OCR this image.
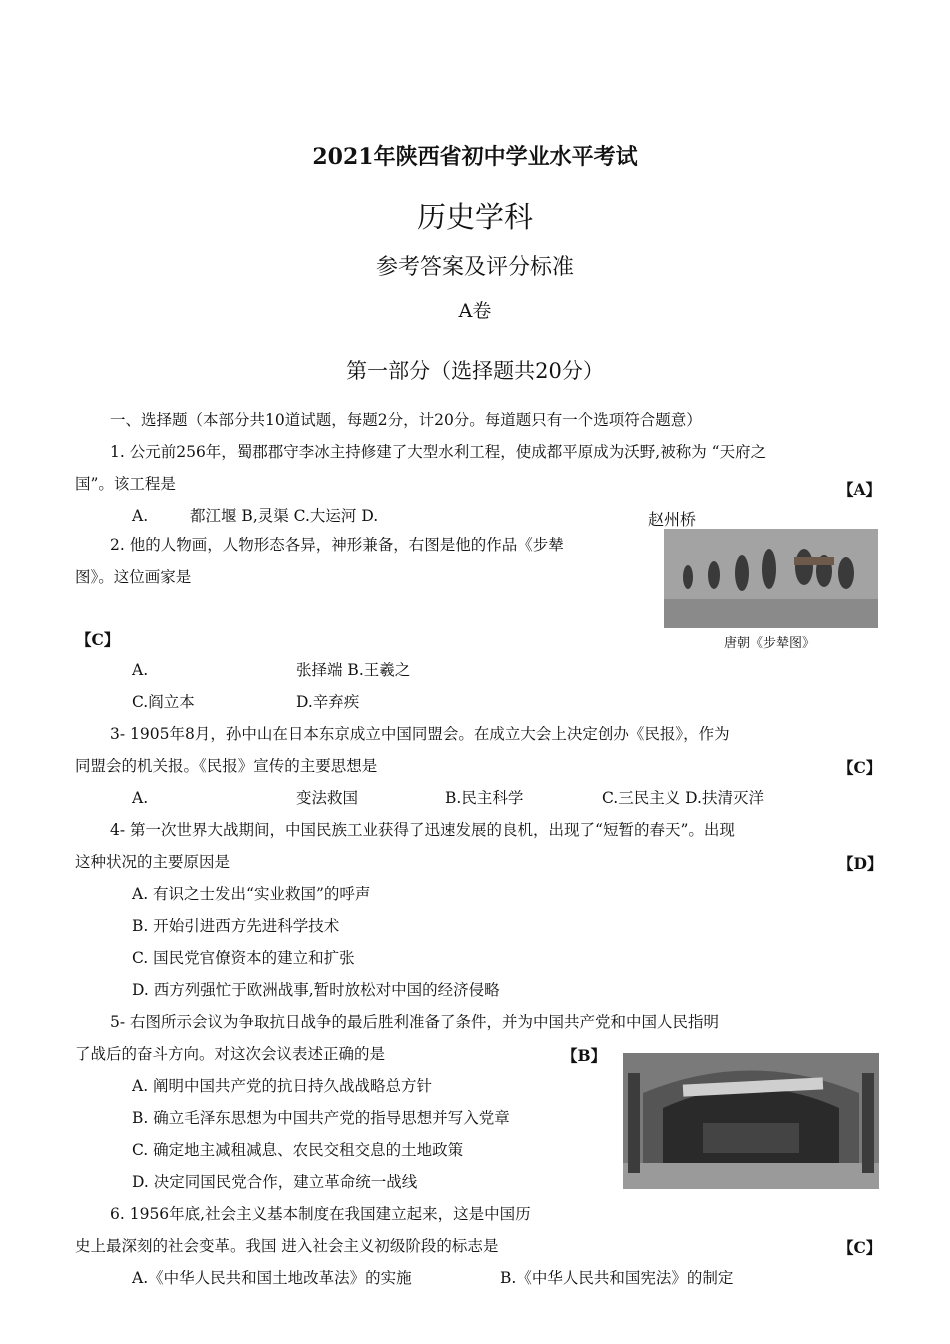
2021年陕西省初中学业水平考试
历史学科
参考答案及评分标准
A卷
第一部分（选择题共20分）
一、选择题（本部分共10道试题，每题2分，计20分。每道题只有一个选项符合题意）
1. 公元前256年，蜀郡郡守李冰主持修建了大型水利工程，使成都平原成为沃野,被称为 “天府之
国”。该工程是	【A】
A.	都江堰 B,灵渠 C.大运河 D.	赵州桥
2. 他的人物画，人物形态各异，神形兼备，右图是他的作品《步辇
图》。这位画家是
【C】	唐朝《步辇图》
A.	张择端 B.王羲之
C.阎立本	D.辛弃疾
3- 1905年8月，孙中山在日本东京成立中国同盟会。在成立大会上决定创办《民报》，作为
同盟会的机关报。《民报》宣传的主要思想是	【C】
A.	变法救国	B.民主科学	C.三民主义 D.扶清灭洋
4- 第一次世界大战期间，中国民族工业获得了迅速发展的良机，出现了“短暂的春天”。出现
这种状况的主要原因是	【D】
A. 有识之士发出“实业救国”的呼声
B. 开始引进西方先进科学技术
C. 国民党官僚资本的建立和扩张
D. 西方列强忙于欧洲战事,暂时放松对中国的经济侵略
5- 右图所示会议为争取抗日战争的最后胜利准备了条件，并为中国共产党和中国人民指明
了战后的奋斗方向。对这次会议表述正确的是	【B】
A. 阐明中国共产党的抗日持久战战略总方针
B. 确立毛泽东思想为中国共产党的指导思想并写入党章
C. 确定地主减租减息、农民交租交息的土地政策
D. 决定同国民党合作，建立革命统一战线
6. 1956年底,社会主义基本制度在我国建立起来，这是中国历
史上最深刻的社会变革。我国 进入社会主义初级阶段的标志是	【C】
A.《中华人民共和国土地改革法》的实施	B.《中华人民共和国宪法》的制定
